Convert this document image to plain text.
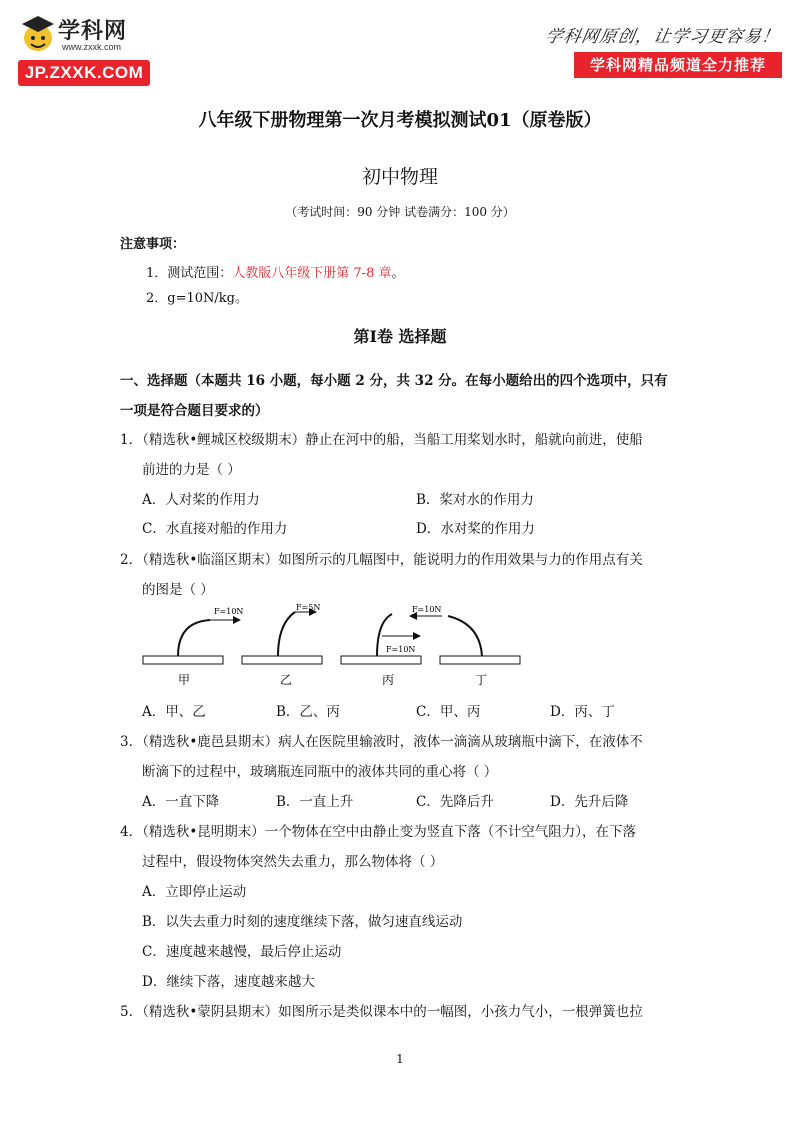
学科网
www.zxxk.com
JP.ZXXK.COM
学科网原创，让学习更容易！
学科网精品频道全力推荐
八年级下册物理第一次月考模拟测试01（原卷版）
初中物理
（考试时间：90 分钟 试卷满分：100 分）
注意事项：
1．测试范围：人教版八年级下册第 7-8 章。
2．g=10N/kg。
第Ⅰ卷 选择题
一、选择题（本题共 16 小题，每小题 2 分，共 32 分。在每小题给出的四个选项中，只有
一项是符合题目要求的）
1．（精选秋•鲤城区校级期末）静止在河中的船，当船工用桨划水时，船就向前进，使船
前进的力是（ ）
A．人对桨的作用力	B．桨对水的作用力
C．水直接对船的作用力	D．水对桨的作用力
2．（精选秋•临淄区期末）如图所示的几幅图中，能说明力的作用效果与力的作用点有关
的图是（ ）
F=10N
甲
F=5N
乙
F=10N
丙
F=10N
丁
A．甲、乙	B．乙、丙	C．甲、丙	D．丙、丁
3．（精选秋•鹿邑县期末）病人在医院里输液时，液体一滴滴从玻璃瓶中滴下，在液体不
断滴下的过程中，玻璃瓶连同瓶中的液体共同的重心将（ ）
A．一直下降	B．一直上升	C．先降后升	D．先升后降
4．（精选秋•昆明期末）一个物体在空中由静止变为竖直下落（不计空气阻力），在下落
过程中，假设物体突然失去重力，那么物体将（ ）
A．立即停止运动
B．以失去重力时刻的速度继续下落，做匀速直线运动
C．速度越来越慢，最后停止运动
D．继续下落，速度越来越大
5．（精选秋•蒙阴县期末）如图所示是类似课本中的一幅图，小孩力气小，一根弹簧也拉
1
